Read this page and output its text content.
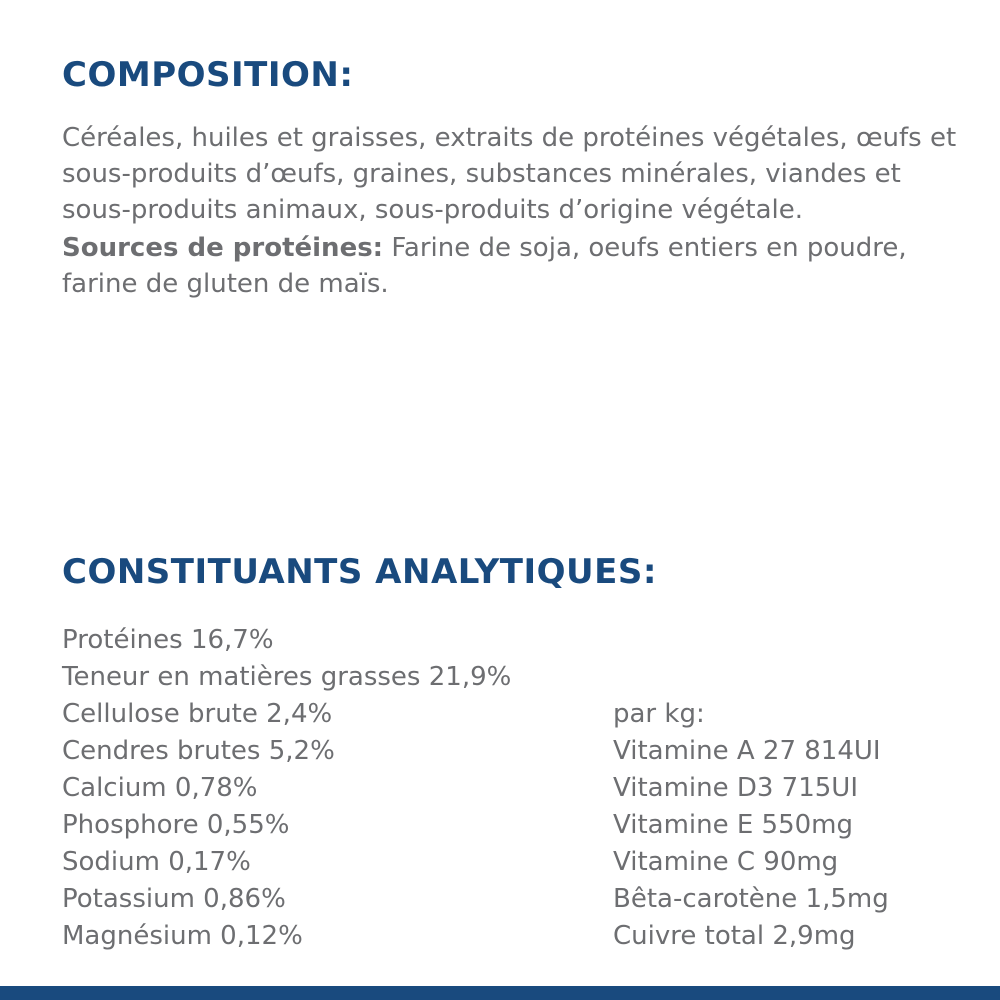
COMPOSITION:

Céréales, huiles et graisses, extraits de protéines végétales, œufs et sous-produits d’œufs, graines, substances minérales, viandes et sous-produits animaux, sous-produits d’origine végétale.

Sources de protéines: Farine de soja, oeufs entiers en poudre, farine de gluten de maïs.

CONSTITUANTS ANALYTIQUES:
Protéines 16,7%
Teneur en matières grasses 21,9%
Cellulose brute 2,4%
Cendres brutes 5,2%
Calcium 0,78%
Phosphore 0,55%
Sodium 0,17%
Potassium 0,86%
Magnésium 0,12%
par kg:
Vitamine A 27 814UI
Vitamine D3 715UI
Vitamine E 550mg
Vitamine C 90mg
Bêta-carotène 1,5mg
Cuivre total 2,9mg
